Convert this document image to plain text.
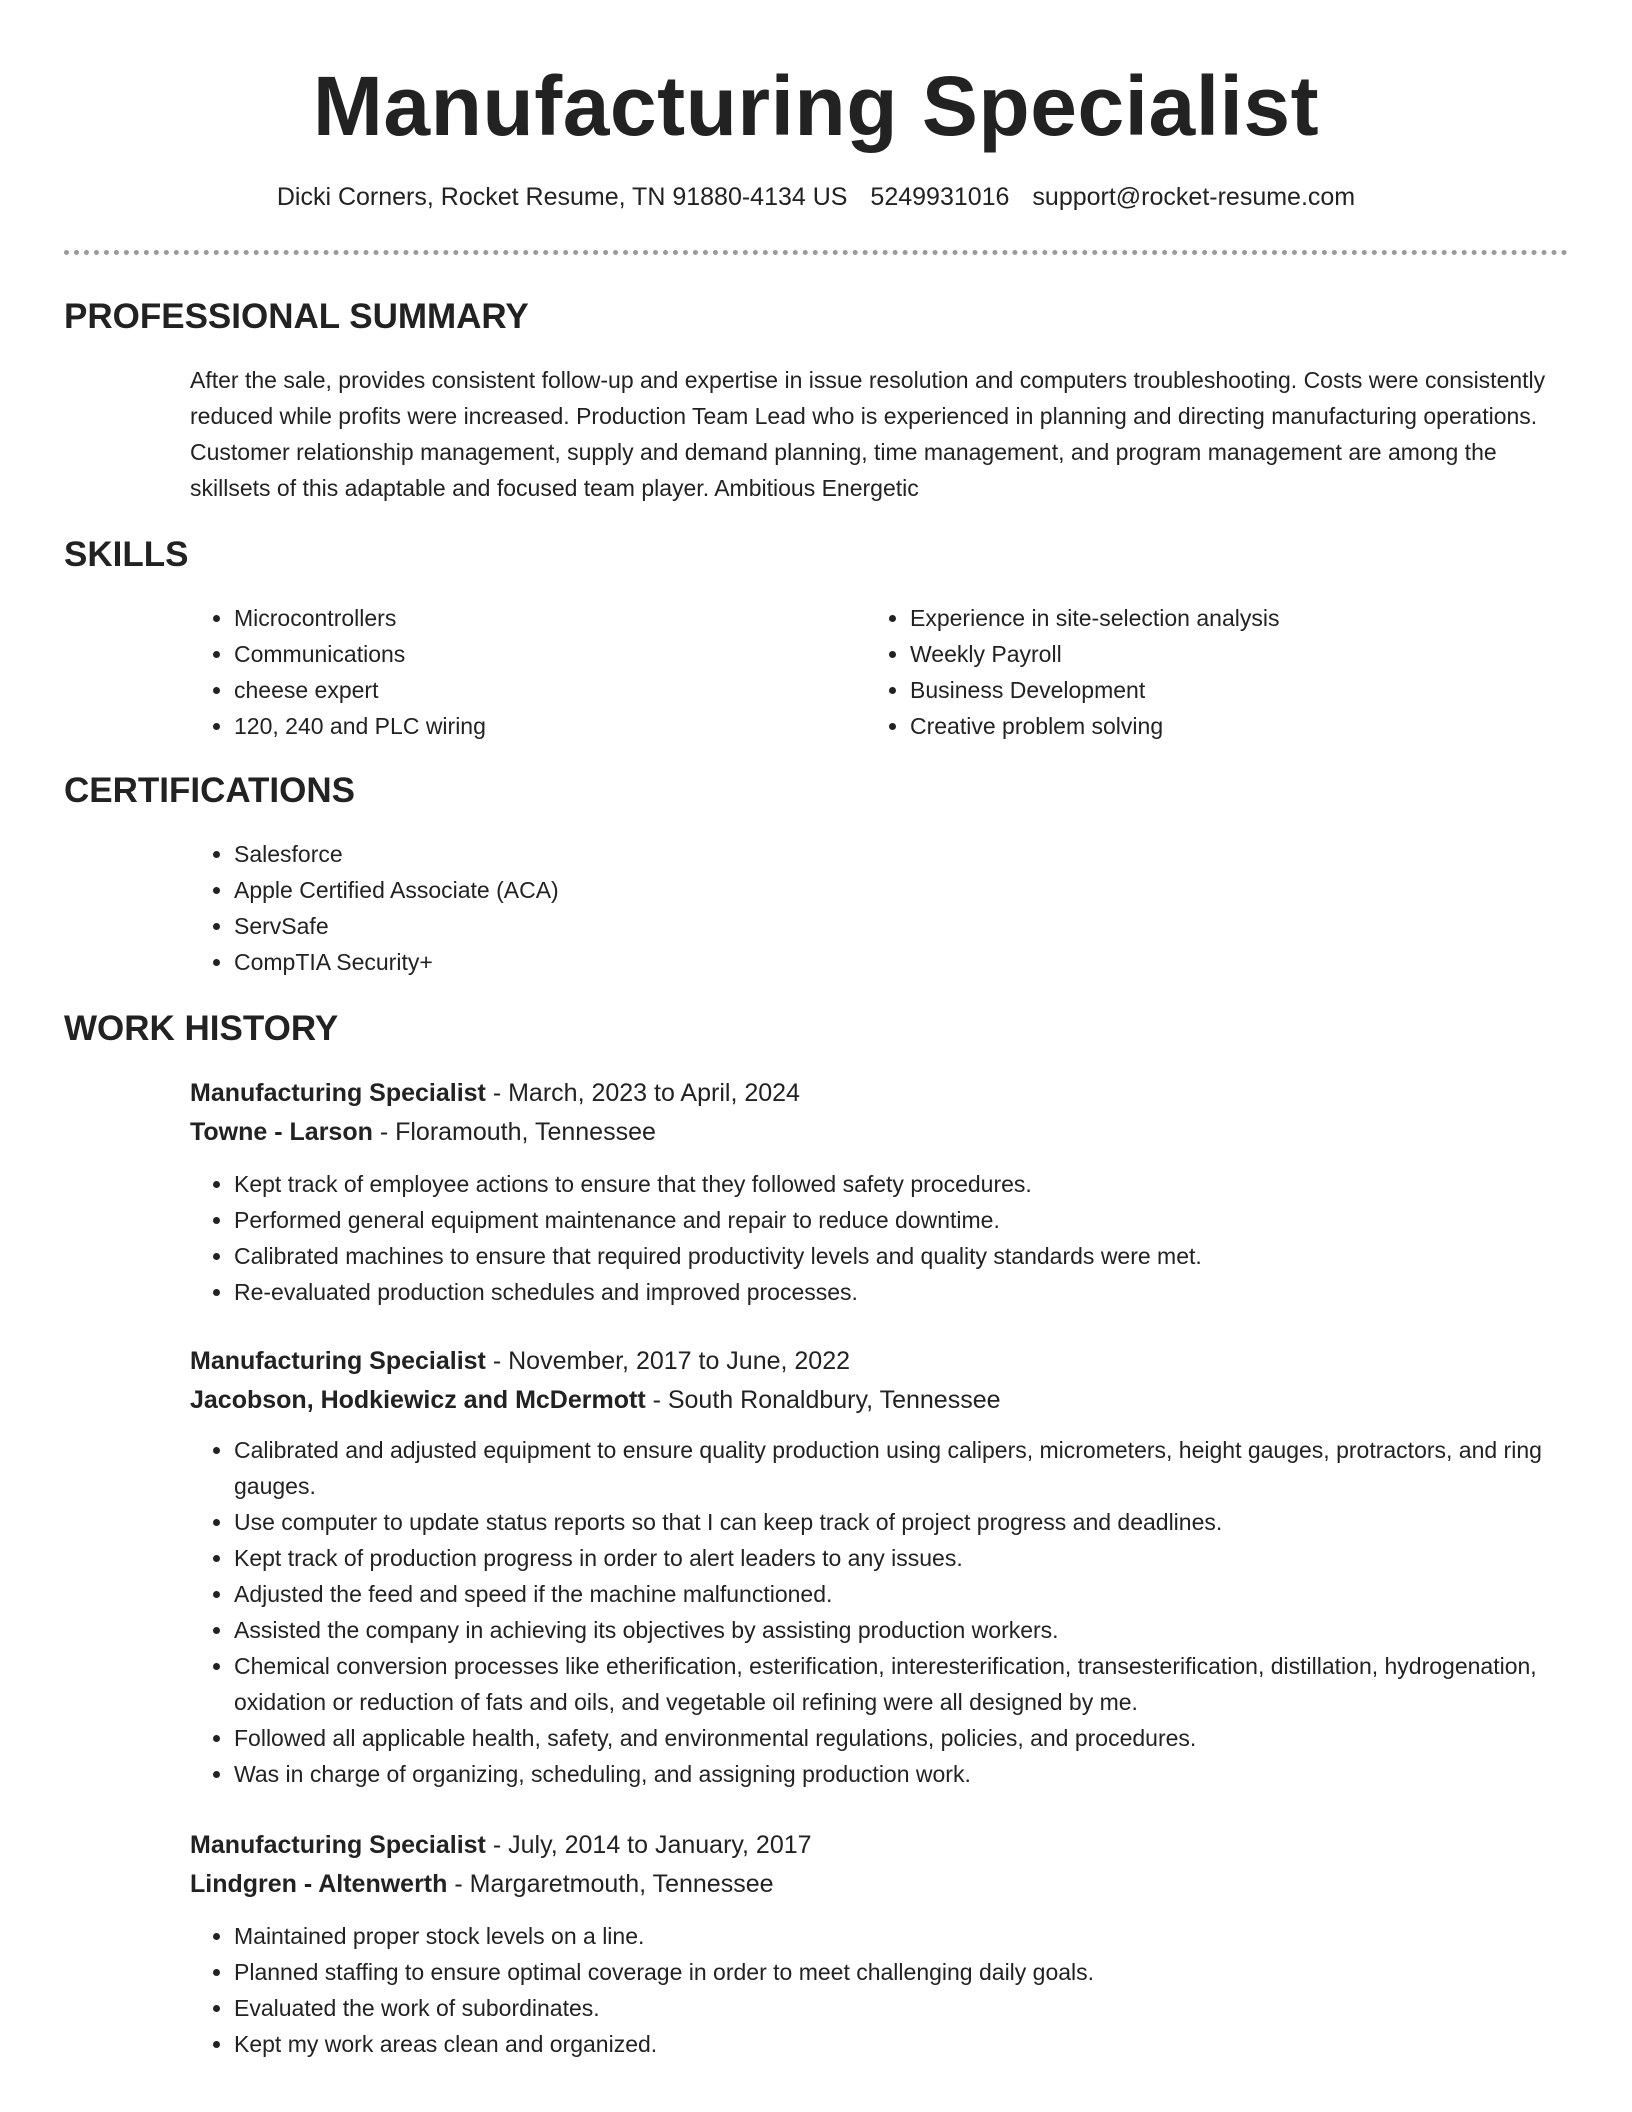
Manufacturing Specialist
Dicki Corners, Rocket Resume, TN 91880-4134 US 5249931016 support@rocket-resume.com
PROFESSIONAL SUMMARY

After the sale, provides consistent follow-up and expertise in issue resolution and computers troubleshooting. Costs were consistently reduced while profits were increased. Production Team Lead who is experienced in planning and directing manufacturing operations. Customer relationship management, supply and demand planning, time management, and program management are among the skillsets of this adaptable and focused team player. Ambitious Energetic

SKILLS
• Microcontrollers
• Communications
• cheese expert
• 120, 240 and PLC wiring
• Experience in site-selection analysis
• Weekly Payroll
• Business Development
• Creative problem solving
CERTIFICATIONS
• Salesforce
• Apple Certified Associate (ACA)
• ServSafe
• CompTIA Security+
WORK HISTORY
Manufacturing Specialist - March, 2023 to April, 2024
Towne - Larson - Floramouth, Tennessee
• Kept track of employee actions to ensure that they followed safety procedures.
• Performed general equipment maintenance and repair to reduce downtime.
• Calibrated machines to ensure that required productivity levels and quality standards were met.
• Re-evaluated production schedules and improved processes.
Manufacturing Specialist - November, 2017 to June, 2022
Jacobson, Hodkiewicz and McDermott - South Ronaldbury, Tennessee
• Calibrated and adjusted equipment to ensure quality production using calipers, micrometers, height gauges, protractors, and ring gauges.
• Use computer to update status reports so that I can keep track of project progress and deadlines.
• Kept track of production progress in order to alert leaders to any issues.
• Adjusted the feed and speed if the machine malfunctioned.
• Assisted the company in achieving its objectives by assisting production workers.
• Chemical conversion processes like etherification, esterification, interesterification, transesterification, distillation, hydrogenation, oxidation or reduction of fats and oils, and vegetable oil refining were all designed by me.
• Followed all applicable health, safety, and environmental regulations, policies, and procedures.
• Was in charge of organizing, scheduling, and assigning production work.
Manufacturing Specialist - July, 2014 to January, 2017
Lindgren - Altenwerth - Margaretmouth, Tennessee
• Maintained proper stock levels on a line.
• Planned staffing to ensure optimal coverage in order to meet challenging daily goals.
• Evaluated the work of subordinates.
• Kept my work areas clean and organized.
